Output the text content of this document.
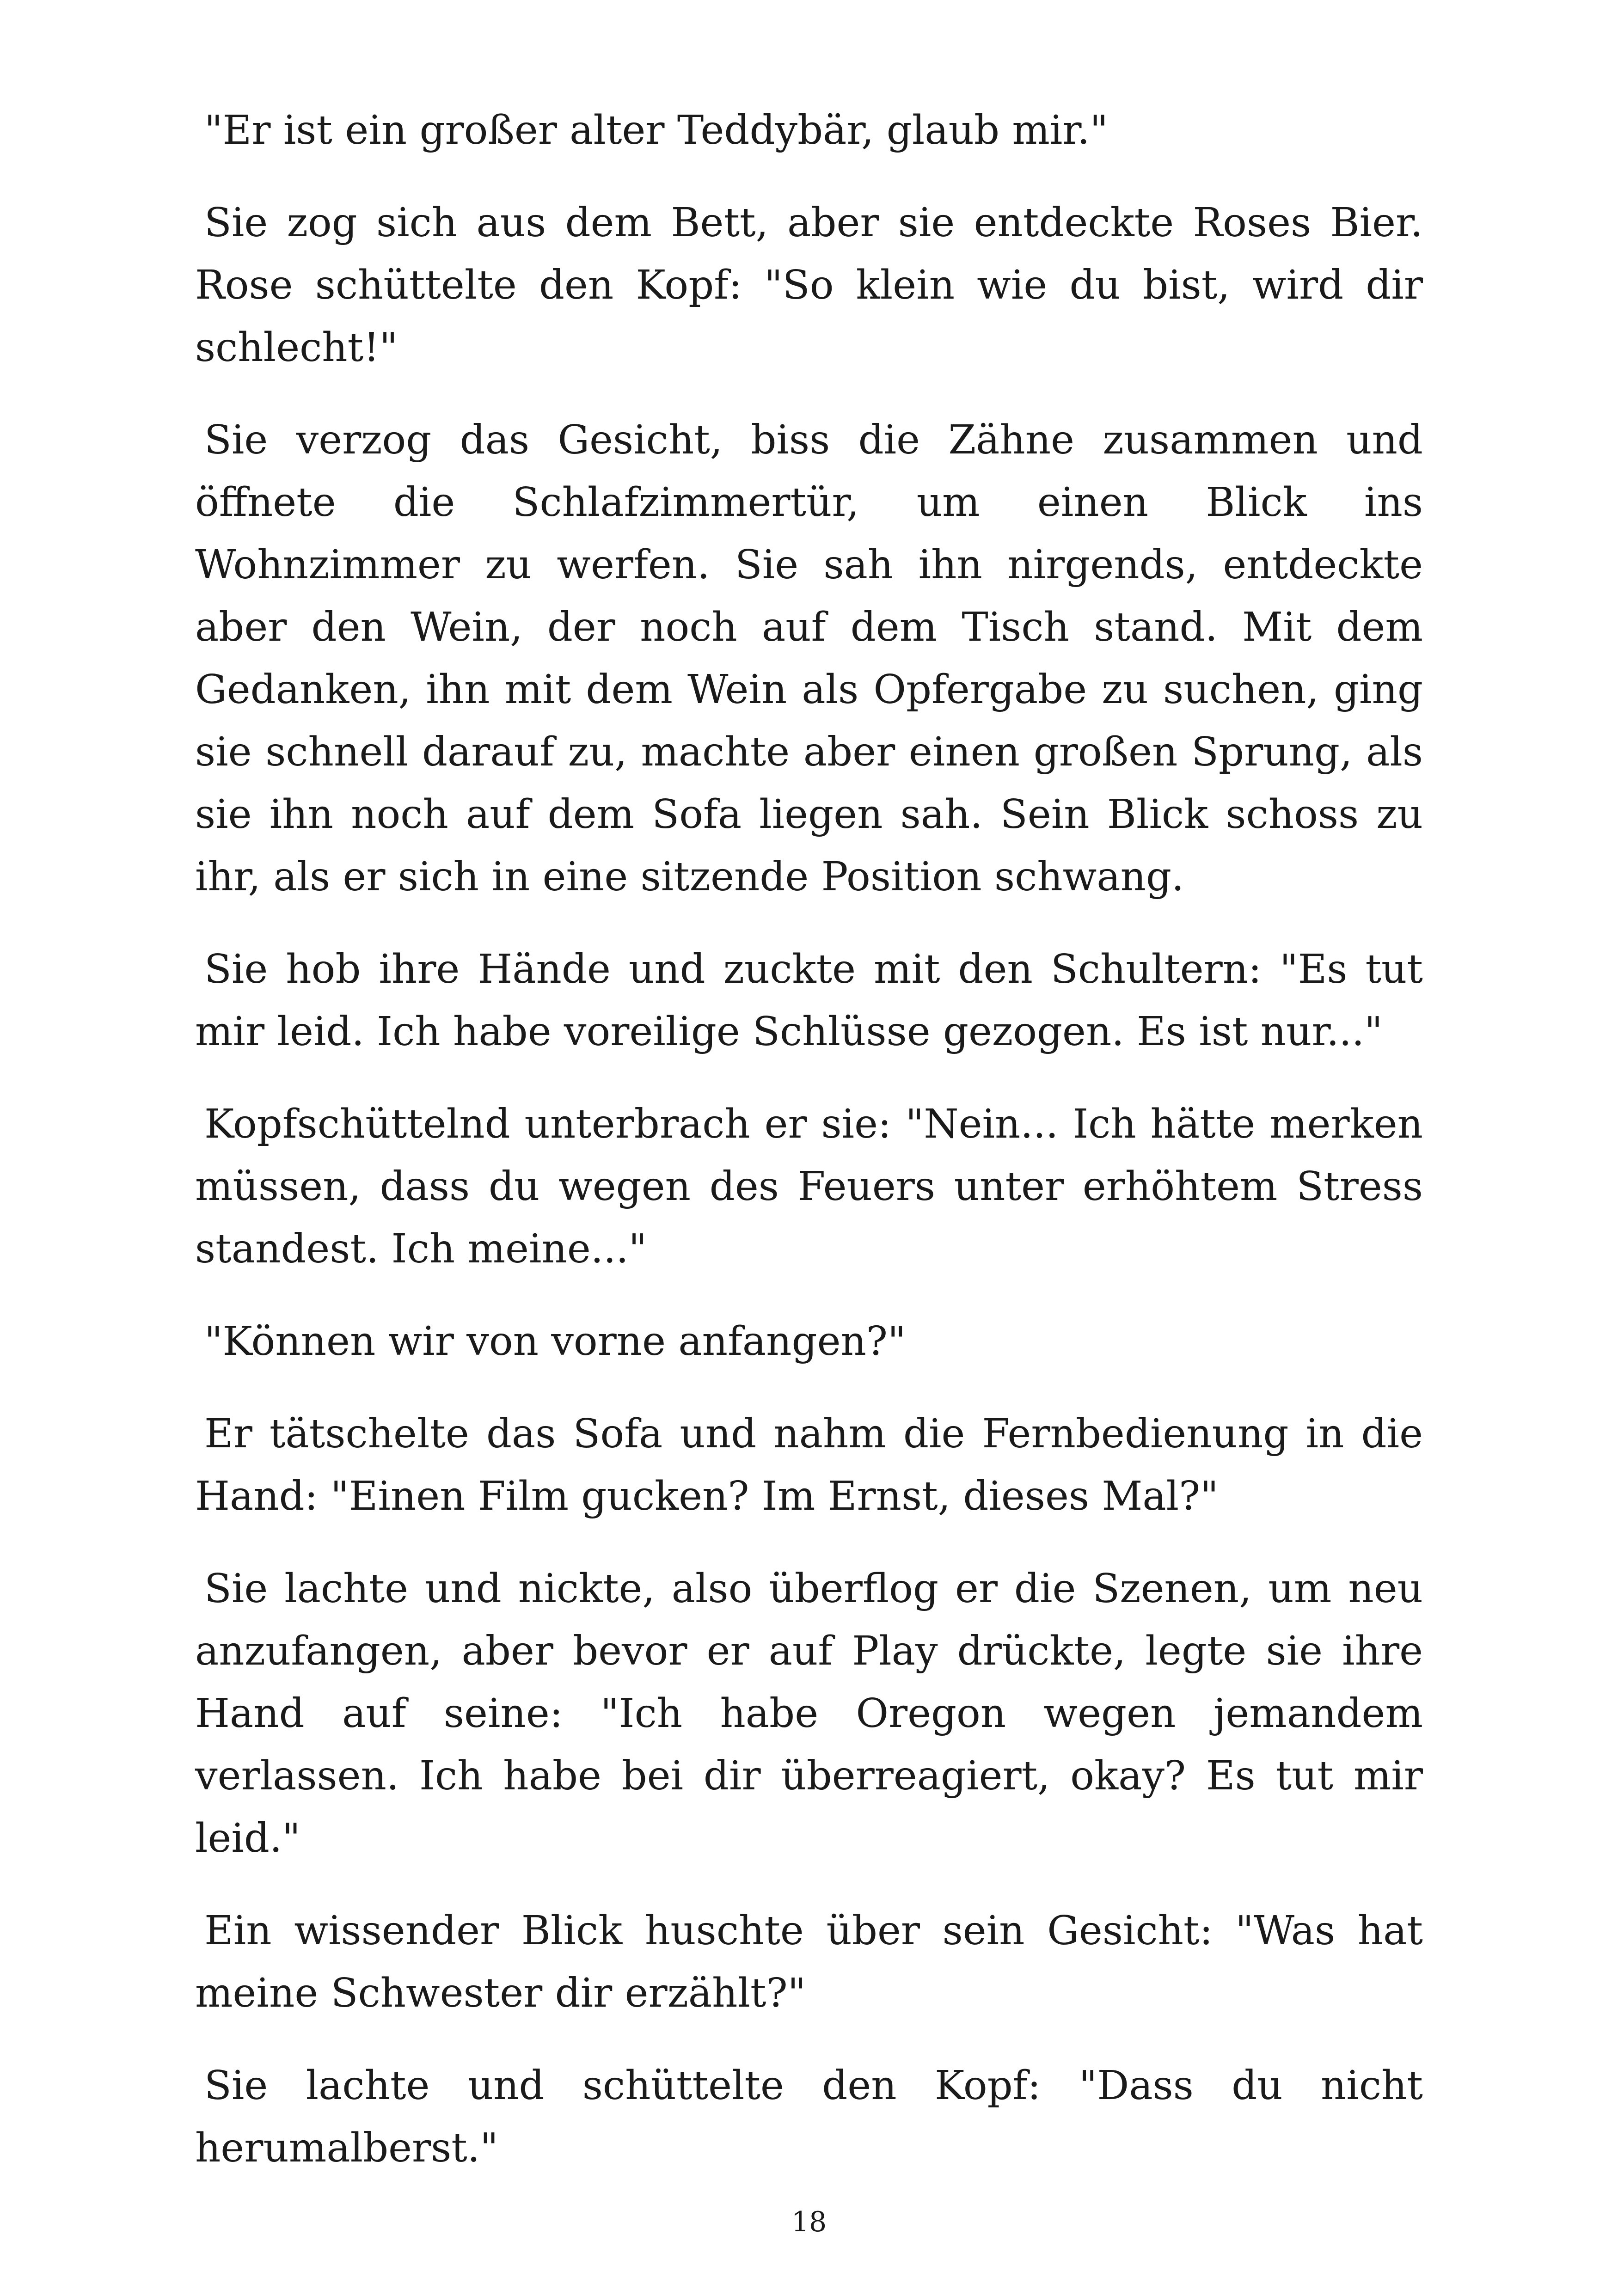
"Er ist ein großer alter Teddybär, glaub mir."

Sie zog sich aus dem Bett, aber sie entdeckte Roses Bier. Rose schüttelte den Kopf: "So klein wie du bist, wird dir schlecht!"

Sie verzog das Gesicht, biss die Zähne zusammen und öffnete die Schlafzimmertür, um einen Blick ins Wohnzimmer zu werfen. Sie sah ihn nirgends, entdeckte aber den Wein, der noch auf dem Tisch stand. Mit dem Gedanken, ihn mit dem Wein als Opfergabe zu suchen, ging sie schnell darauf zu, machte aber einen großen Sprung, als sie ihn noch auf dem Sofa liegen sah. Sein Blick schoss zu ihr, als er sich in eine sitzende Position schwang.

Sie hob ihre Hände und zuckte mit den Schultern: "Es tut mir leid. Ich habe voreilige Schlüsse gezogen. Es ist nur..."

Kopfschüttelnd unterbrach er sie: "Nein... Ich hätte merken müssen, dass du wegen des Feuers unter erhöhtem Stress standest. Ich meine..."

"Können wir von vorne anfangen?"

Er tätschelte das Sofa und nahm die Fernbedienung in die Hand: "Einen Film gucken? Im Ernst, dieses Mal?"

Sie lachte und nickte, also überflog er die Szenen, um neu anzufangen, aber bevor er auf Play drückte, legte sie ihre Hand auf seine: "Ich habe Oregon wegen jemandem verlassen. Ich habe bei dir überreagiert, okay? Es tut mir leid."

Ein wissender Blick huschte über sein Gesicht: "Was hat meine Schwester dir erzählt?"

Sie lachte und schüttelte den Kopf: "Dass du nicht herumalberst."

18
